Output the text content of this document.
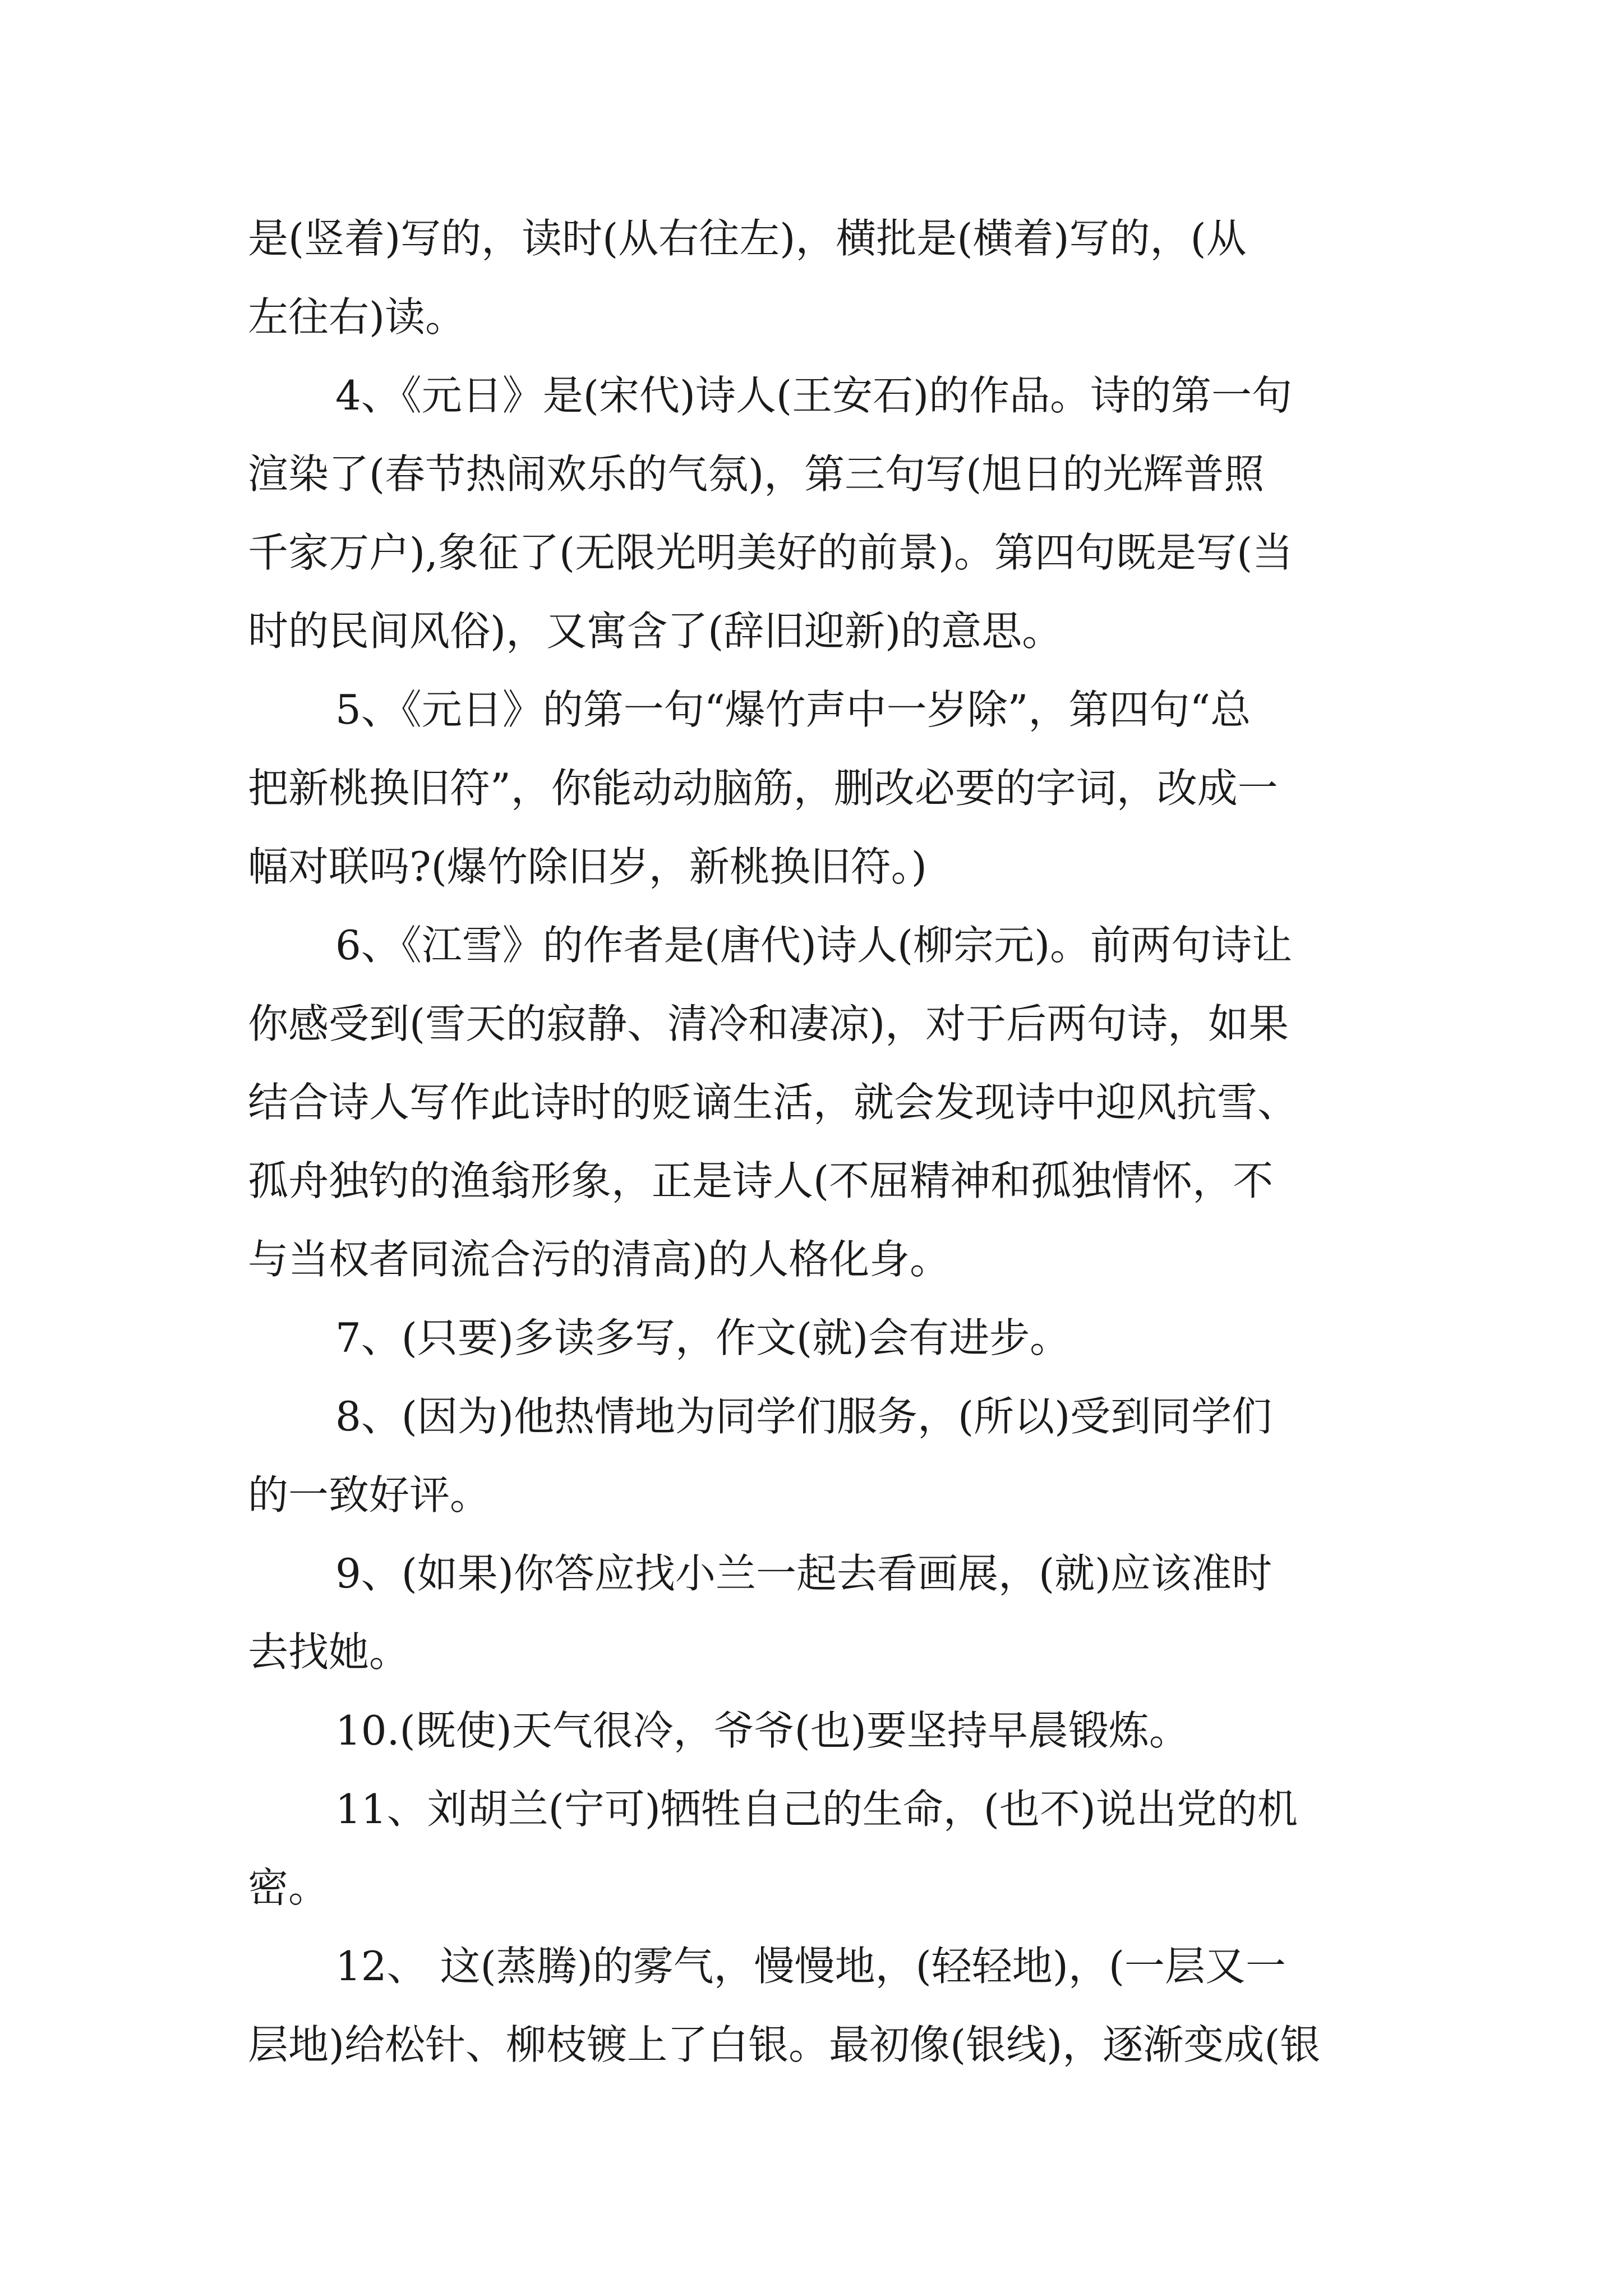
是(竖着)写的，读时(从右往左)，横批是(横着)写的，(从
左往右)读。
4、《元日》是(宋代)诗人(王安石)的作品。诗的第一句
渲染了(春节热闹欢乐的气氛)，第三句写(旭日的光辉普照
千家万户),象征了(无限光明美好的前景)。第四句既是写(当
时的民间风俗)，又寓含了(辞旧迎新)的意思。
5、《元日》的第一句“爆竹声中一岁除”，第四句“总
把新桃换旧符”，你能动动脑筋，删改必要的字词，改成一
幅对联吗?(爆竹除旧岁，新桃换旧符。)
6、《江雪》的作者是(唐代)诗人(柳宗元)。前两句诗让
你感受到(雪天的寂静、清冷和凄凉)，对于后两句诗，如果
结合诗人写作此诗时的贬谪生活，就会发现诗中迎风抗雪、
孤舟独钓的渔翁形象，正是诗人(不屈精神和孤独情怀，不
与当权者同流合污的清高)的人格化身。
7、(只要)多读多写，作文(就)会有进步。
8、(因为)他热情地为同学们服务，(所以)受到同学们
的一致好评。
9、(如果)你答应找小兰一起去看画展，(就)应该准时
去找她。
10.(既使)天气很冷，爷爷(也)要坚持早晨锻炼。
11、刘胡兰(宁可)牺牲自己的生命，(也不)说出党的机
密。
12、 这(蒸腾)的雾气，慢慢地，(轻轻地)，(一层又一
层地)给松针、柳枝镀上了白银。最初像(银线)，逐渐变成(银
